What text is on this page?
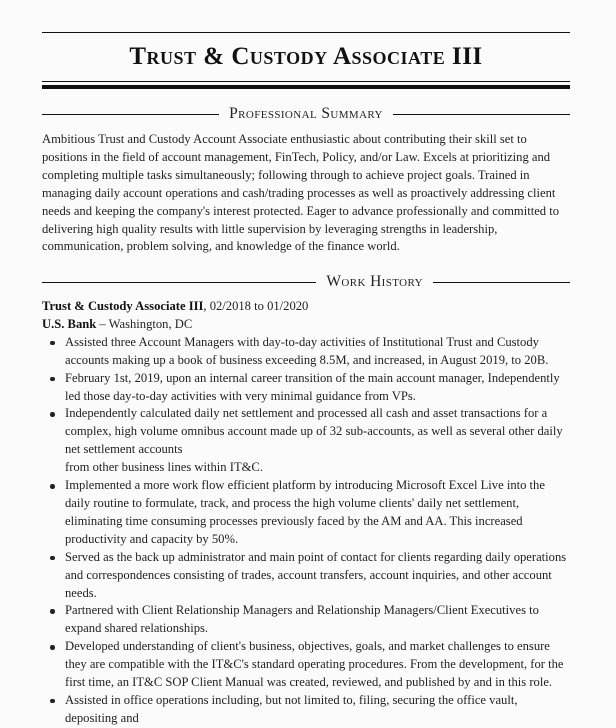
Trust & Custody Associate III
Professional Summary
Ambitious Trust and Custody Account Associate enthusiastic about contributing their skill set to positions in the field of account management, FinTech, Policy, and/or Law. Excels at prioritizing and completing multiple tasks simultaneously; following through to achieve project goals. Trained in managing daily account operations and cash/trading processes as well as proactively addressing client needs and keeping the company's interest protected. Eager to advance professionally and committed to delivering high quality results with little supervision by leveraging strengths in leadership, communication, problem solving, and knowledge of the finance world.
Work History
Trust & Custody Associate III, 02/2018 to 01/2020
U.S. Bank – Washington, DC
Assisted three Account Managers with day-to-day activities of Institutional Trust and Custody accounts making up a book of business exceeding 8.5M, and increased, in August 2019, to 20B.
February 1st, 2019, upon an internal career transition of the main account manager, Independently led those day-to-day activities with very minimal guidance from VPs.
Independently calculated daily net settlement and processed all cash and asset transactions for a complex, high volume omnibus account made up of 32 sub-accounts, as well as several other daily net settlement accounts
from other business lines within IT&C.
Implemented a more work flow efficient platform by introducing Microsoft Excel Live into the daily routine to formulate, track, and process the high volume clients' daily net settlement, eliminating time consuming processes previously faced by the AM and AA. This increased productivity and capacity by 50%.
Served as the back up administrator and main point of contact for clients regarding daily operations and correspondences consisting of trades, account transfers, account inquiries, and other account needs.
Partnered with Client Relationship Managers and Relationship Managers/Client Executives to expand shared relationships.
Developed understanding of client's business, objectives, goals, and market challenges to ensure they are compatible with the IT&C's standard operating procedures. From the development, for the first time, an IT&C SOP Client Manual was created, reviewed, and published by and in this role.
Assisted in office operations including, but not limited to, filing, securing the office vault, depositing and
